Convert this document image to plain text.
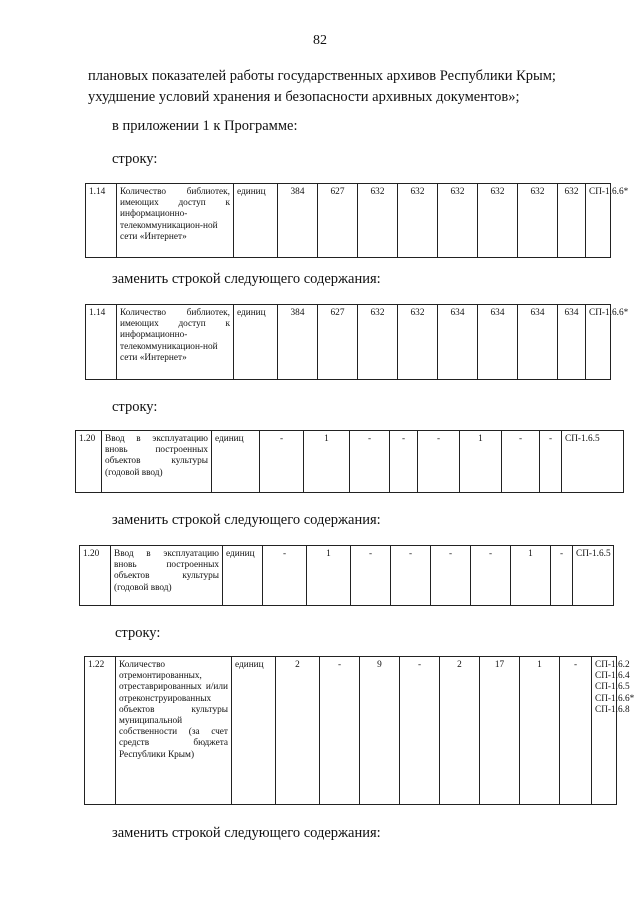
82
плановых показателей работы государственных архивов Республики Крым;
ухудшение условий хранения и безопасности архивных документов»;
в приложении 1 к Программе:
строку:
1.14	Количество библиотек, имеющих доступ к информационно-телекоммуникацион-ной сети «Интернет»	единиц	384	627	632	632	632	632	632	632	СП-1.6.6*
заменить строкой следующего содержания:
1.14	Количество библиотек, имеющих доступ к информационно-телекоммуникацион-ной сети «Интернет»	единиц	384	627	632	632	634	634	634	634	СП-1.6.6*
строку:
1.20	Ввод в эксплуатацию вновь построенных объектов культуры (годовой ввод)	единиц	-	1	-	-	-	1	-	-	СП-1.6.5
заменить строкой следующего содержания:
1.20	Ввод в эксплуатацию вновь построенных объектов культуры (годовой ввод)	единиц	-	1	-	-	-	-	1	-	СП-1.6.5
строку:
1.22	Количество отремонтированных, отреставрированных и/или отреконструированных объектов культуры муниципальной собственности (за счет средств бюджета Республики Крым)	единиц	2	-	9	-	2	17	1	-	СП-1.6.2
СП-1.6.4
СП-1.6.5
СП-1.6.6*
СП-1.6.8
заменить строкой следующего содержания:
